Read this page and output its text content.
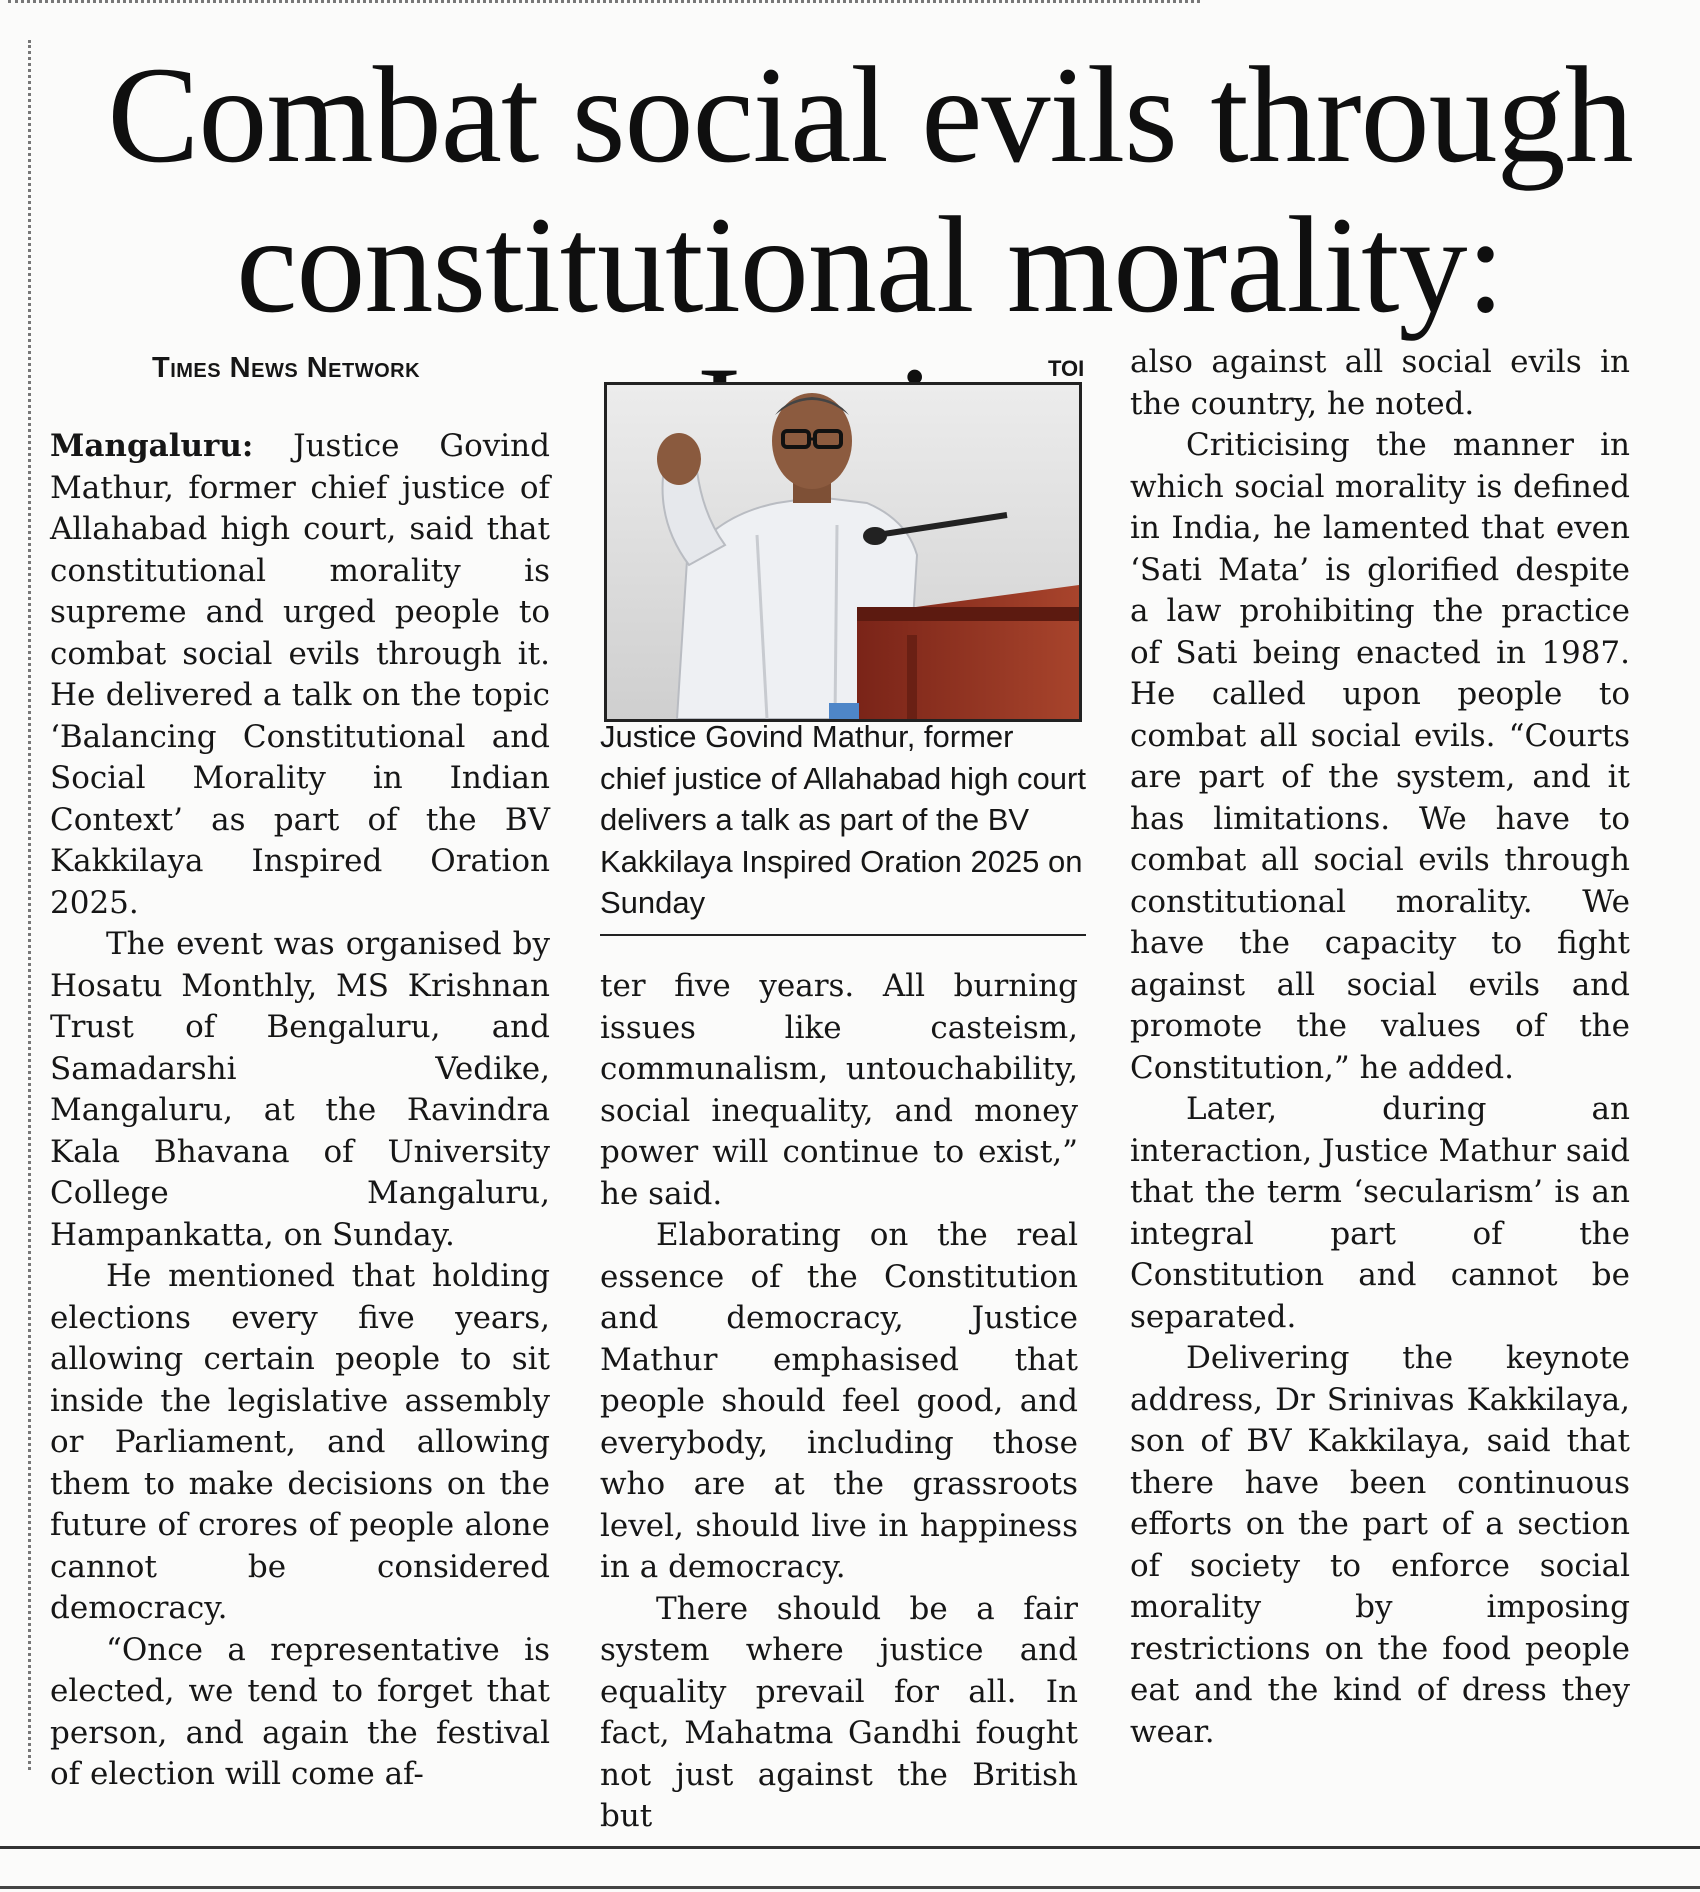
Combat social evils through constitutional morality:
Times News Network

Mangaluru: Justice Govind Mathur, former chief justice of Allahabad high court, said that constitutional morality is supreme and urged people to combat social evils through it. He delivered a talk on the topic ‘Balancing Constitutional and Social Morality in Indian Context’ as part of the BV Kakkilaya Inspired Oration 2025.

The event was organised by Hosatu Monthly, MS Krishnan Trust of Bengaluru, and Samadarshi Vedike, Mangaluru, at the Ravindra Kala Bhavana of University College Mangaluru, Hampankatta, on Sunday.

He mentioned that holding elections every five years, allowing certain people to sit inside the legislative assembly or Parliament, and allowing them to make decisions on the future of crores of people alone cannot be considered democracy.

“Once a representative is elected, we tend to forget that person, and again the festival of election will come af-

TOI
Justice Govind Mathur, former chief justice of Allahabad high court delivers a talk as part of the BV Kakkilaya Inspired Oration 2025 on Sunday

ter five years. All burning issues like casteism, communalism, untouchability, social inequality, and money power will continue to exist,” he said.

Elaborating on the real essence of the Constitution and democracy, Justice Mathur emphasised that people should feel good, and everybody, including those who are at the grassroots level, should live in happiness in a democracy.

There should be a fair system where justice and equality prevail for all. In fact, Mahatma Gandhi fought not just against the British but

also against all social evils in the country, he noted.

Criticising the manner in which social morality is defined in India, he lamented that even ‘Sati Mata’ is glorified despite a law prohibiting the practice of Sati being enacted in 1987. He called upon people to combat all social evils. “Courts are part of the system, and it has limitations. We have to combat all social evils through constitutional morality. We have the capacity to fight against all social evils and promote the values of the Constitution,” he added.

Later, during an interaction, Justice Mathur said that the term ‘secularism’ is an integral part of the Constitution and cannot be separated.

Delivering the keynote address, Dr Srinivas Kakkilaya, son of BV Kakkilaya, said that there have been continuous efforts on the part of a section of society to enforce social morality by imposing restrictions on the food people eat and the kind of dress they wear.
